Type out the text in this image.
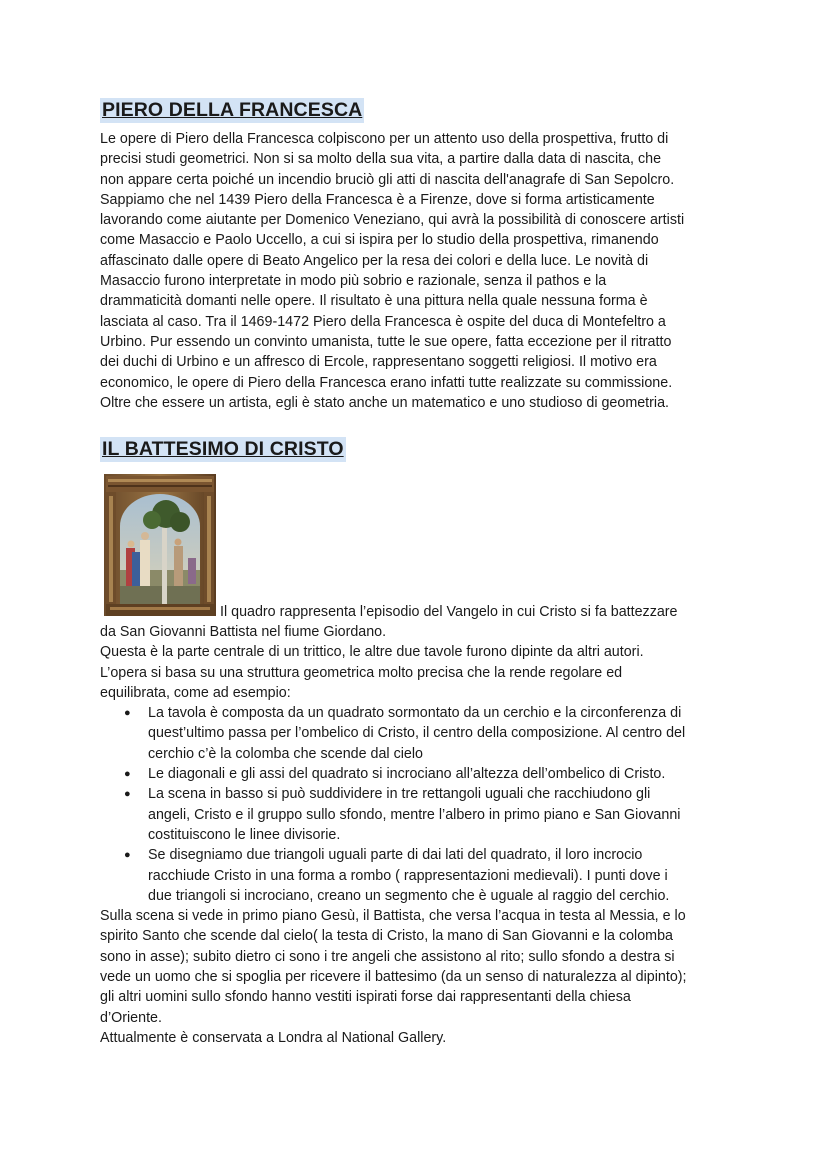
PIERO DELLA FRANCESCA
Le opere di Piero della Francesca colpiscono per un attento uso della prospettiva, frutto di
precisi studi geometrici. Non si sa molto della sua vita, a partire dalla data di nascita, che
non appare certa poiché un incendio bruciò gli atti di nascita dell'anagrafe di San Sepolcro.
Sappiamo che nel 1439 Piero della Francesca è a Firenze, dove si forma artisticamente
lavorando come aiutante per Domenico Veneziano, qui avrà la possibilità di conoscere artisti
come Masaccio e Paolo Uccello, a cui si ispira per lo studio della prospettiva, rimanendo
affascinato dalle opere di Beato Angelico per la resa dei colori e della luce. Le novità di
Masaccio furono interpretate in modo più sobrio e razionale, senza il pathos e la
drammaticità domanti nelle opere. Il risultato è una pittura nella quale nessuna forma è
lasciata al caso. Tra il 1469-1472 Piero della Francesca è ospite del duca di Montefeltro a
Urbino. Pur essendo un convinto umanista, tutte le sue opere, fatta eccezione per il ritratto
dei duchi di Urbino e un affresco di Ercole, rappresentano soggetti religiosi. Il motivo era
economico, le opere di Piero della Francesca erano infatti tutte realizzate su commissione.
Oltre che essere un artista, egli è stato anche un matematico e uno studioso di geometria.
IL BATTESIMO DI CRISTO
Il quadro rappresenta l’episodio del Vangelo in cui Cristo si fa battezzare
da San Giovanni Battista nel fiume Giordano.
Questa è la parte centrale di un trittico, le altre due tavole furono dipinte da altri autori.
L’opera si basa su una struttura geometrica molto precisa che la rende regolare ed
equilibrata, come ad esempio:
● La tavola è composta da un quadrato sormontato da un cerchio e la circonferenza di
quest’ultimo passa per l’ombelico di Cristo, il centro della composizione. Al centro del
cerchio c’è la colomba che scende dal cielo
● Le diagonali e gli assi del quadrato si incrociano all’altezza dell’ombelico di Cristo.
● La scena in basso si può suddividere in tre rettangoli uguali che racchiudono gli
angeli, Cristo e il gruppo sullo sfondo, mentre l’albero in primo piano e San Giovanni
costituiscono le linee divisorie.
● Se disegniamo due triangoli uguali parte di dai lati del quadrato, il loro incrocio
racchiude Cristo in una forma a rombo ( rappresentazioni medievali). I punti dove i
due triangoli si incrociano, creano un segmento che è uguale al raggio del cerchio.
Sulla scena si vede in primo piano Gesù, il Battista, che versa l’acqua in testa al Messia, e lo
spirito Santo che scende dal cielo( la testa di Cristo, la mano di San Giovanni e la colomba
sono in asse); subito dietro ci sono i tre angeli che assistono al rito; sullo sfondo a destra si
vede un uomo che si spoglia per ricevere il battesimo (da un senso di naturalezza al dipinto);
gli altri uomini sullo sfondo hanno vestiti ispirati forse dai rappresentanti della chiesa
d’Oriente.
Attualmente è conservata a Londra al National Gallery.
